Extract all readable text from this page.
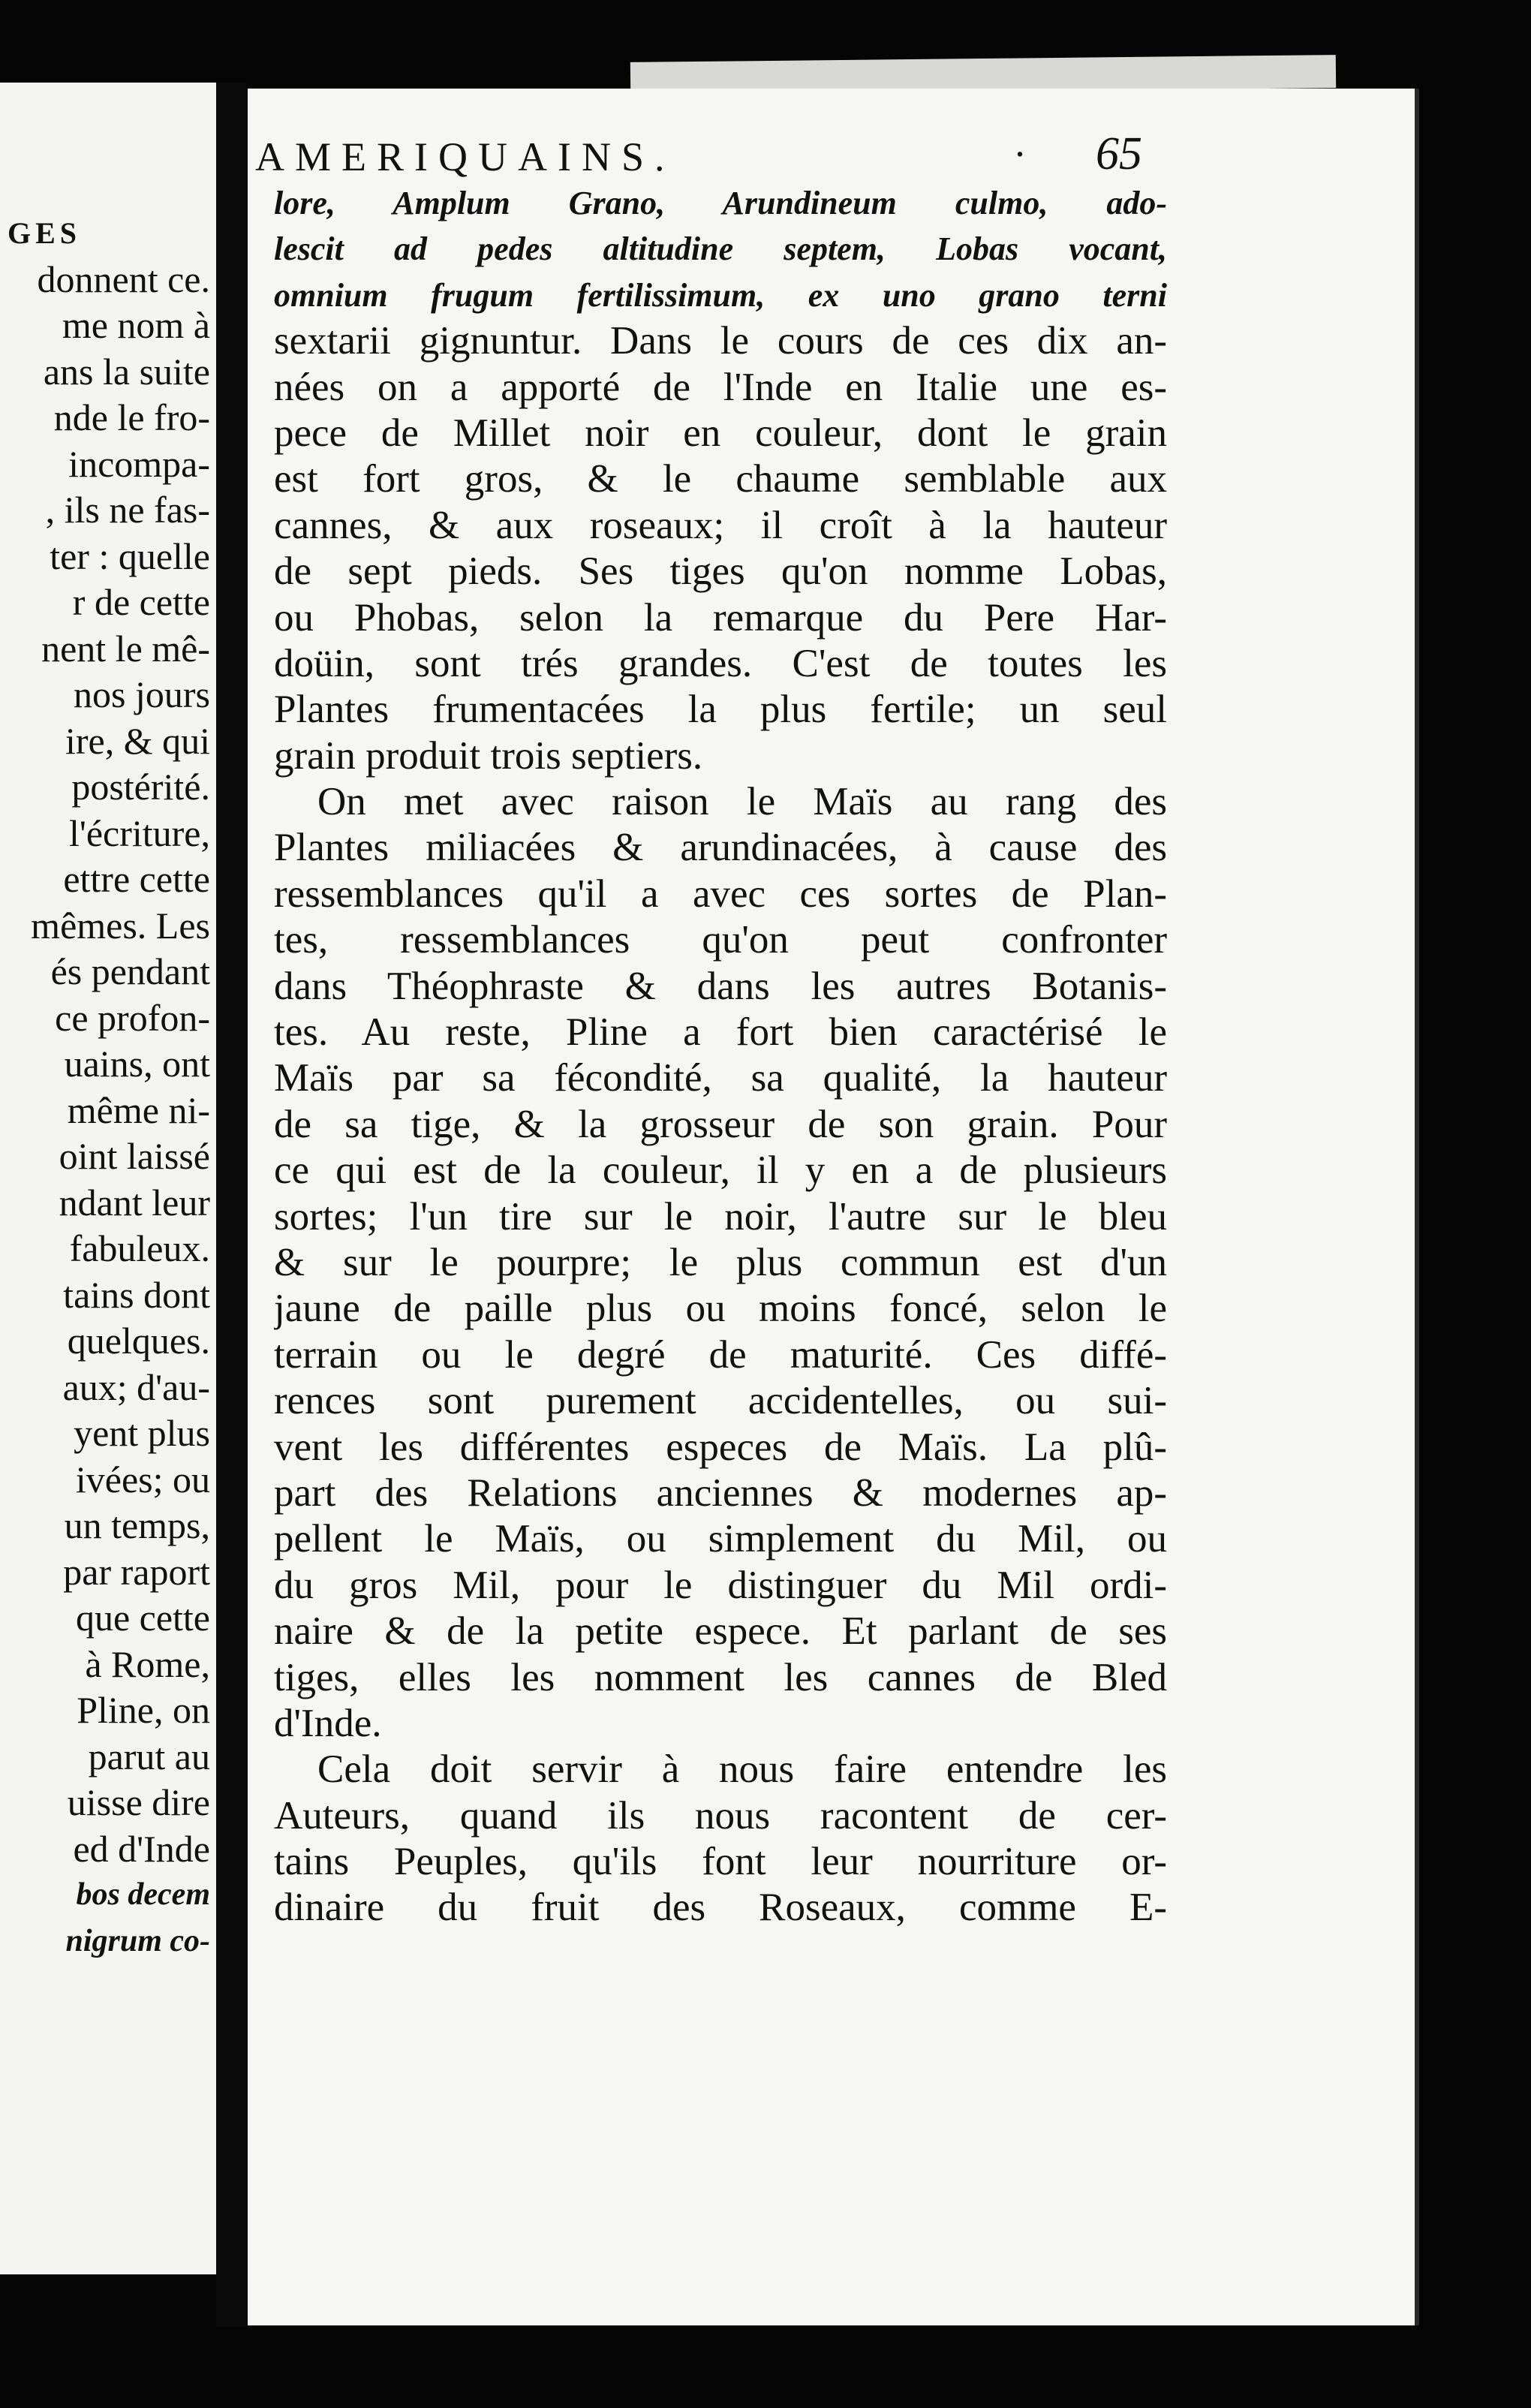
GES
donnent ce.
me nom à
ans la suite
nde le fro-
incompa-
, ils ne fas-
ter : quelle
r de cette
nent le mê-
nos jours
ire, & qui
postérité.
l'écriture,
ettre cette
mêmes. Les
és pendant
ce profon-
uains, ont
même ni-
oint laissé
ndant leur
fabuleux.
tains dont
quelques.
aux; d'au-
yent plus
ivées; ou
un temps,
par raport
que cette
à Rome,
Pline, on
parut au
uisse dire
ed d'Inde
bos decem
nigrum co-
AMERIQUAINS.	· 65
lore, Amplum Grano, Arundineum culmo, ado-
lescit ad pedes altitudine septem, Lobas vocant,
omnium frugum fertilissimum, ex uno grano terni
sextarii gignuntur. Dans le cours de ces dix an-
nées on a apporté de l'Inde en Italie une es-
pece de Millet noir en couleur, dont le grain
est fort gros, & le chaume semblable aux
cannes, & aux roseaux; il croît à la hauteur
de sept pieds. Ses tiges qu'on nomme Lobas,
ou Phobas, selon la remarque du Pere Har-
doüin, sont trés grandes. C'est de toutes les
Plantes frumentacées la plus fertile; un seul
grain produit trois septiers.
On met avec raison le Maïs au rang des
Plantes miliacées & arundinacées, à cause des
ressemblances qu'il a avec ces sortes de Plan-
tes, ressemblances qu'on peut confronter
dans Théophraste & dans les autres Botanis-
tes. Au reste, Pline a fort bien caractérisé le
Maïs par sa fécondité, sa qualité, la hauteur
de sa tige, & la grosseur de son grain. Pour
ce qui est de la couleur, il y en a de plusieurs
sortes; l'un tire sur le noir, l'autre sur le bleu
& sur le pourpre; le plus commun est d'un
jaune de paille plus ou moins foncé, selon le
terrain ou le degré de maturité. Ces diffé-
rences sont purement accidentelles, ou sui-
vent les différentes especes de Maïs. La plû-
part des Relations anciennes & modernes ap-
pellent le Maïs, ou simplement du Mil, ou
du gros Mil, pour le distinguer du Mil ordi-
naire & de la petite espece. Et parlant de ses
tiges, elles les nomment les cannes de Bled
d'Inde.
Cela doit servir à nous faire entendre les
Auteurs, quand ils nous racontent de cer-
tains Peuples, qu'ils font leur nourriture or-
dinaire du fruit des Roseaux, comme E-
